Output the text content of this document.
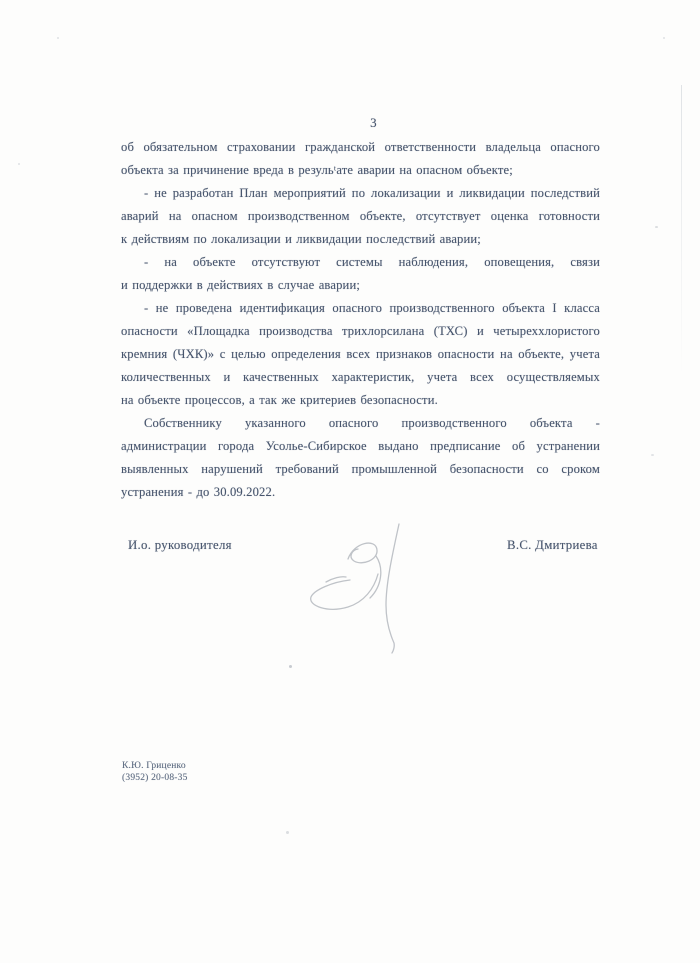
3
об обязательном страховании гражданской ответственности владельца опасного
объекта за причинение вреда в резульᵗате аварии на опасном объекте;
- не разработан План мероприятий по локализации и ликвидации последствий
аварий на опасном производственном объекте, отсутствует оценка готовности
к действиям по локализации и ликвидации последствий аварии;
- на объекте отсутствуют системы наблюдения, оповещения, связи
и поддержки в действиях в случае аварии;
- не проведена идентификация опасного производственного объекта I класса
опасности «Площадка производства трихлорсилана (ТХС) и четыреххлористого
кремния (ЧХК)» с целью определения всех признаков опасности на объекте, учета
количественных и качественных характеристик, учета всех осуществляемых
на объекте процессов, а так же критериев безопасности.
Собственнику указанного опасного производственного объекта -
администрации города Усолье-Сибирское выдано предписание об устранении
выявленных нарушений требований промышленной безопасности со сроком
устранения - до 30.09.2022.
И.о. руководителя	В.С. Дмитриева
К.Ю. Гриценко
(3952) 20-08-35
